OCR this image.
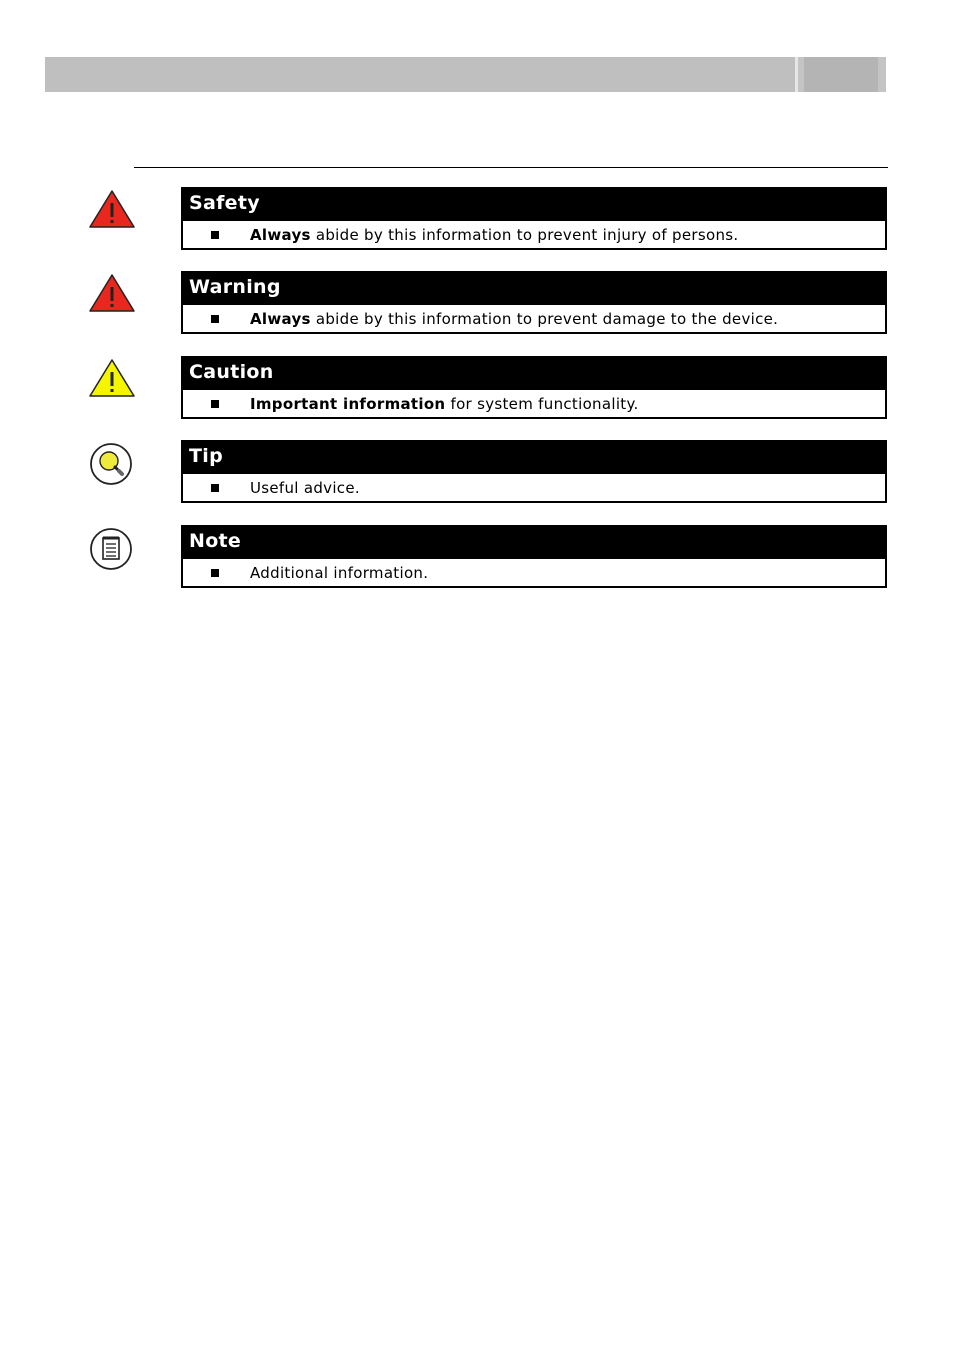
Safety
Always abide by this information to prevent injury of persons.
Warning
Always abide by this information to prevent damage to the device.
Caution
Important information for system functionality.
Tip
Useful advice.
Note
Additional information.
